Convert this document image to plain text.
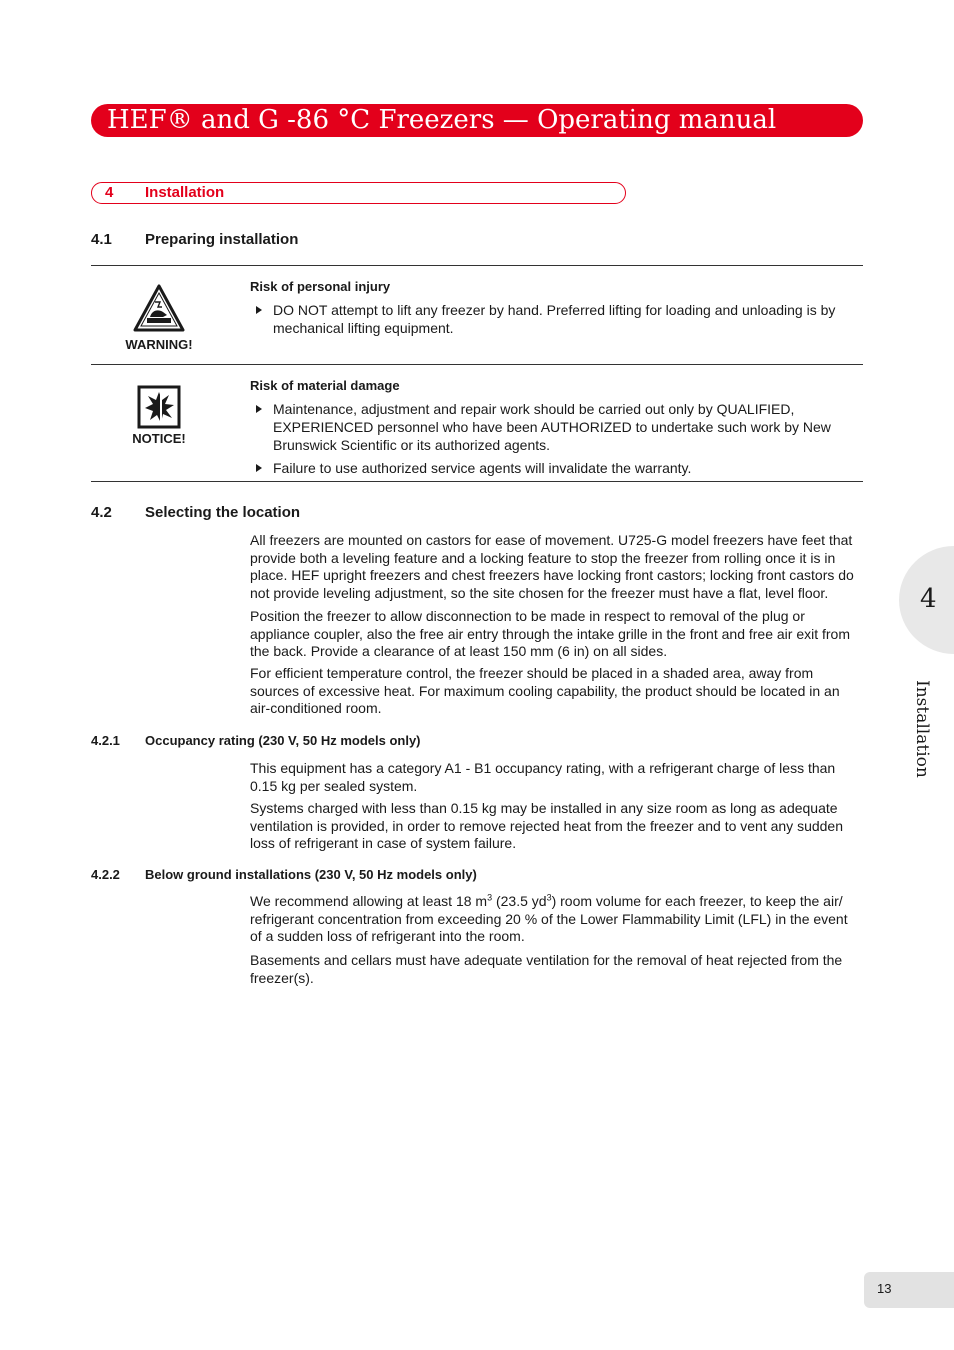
HEF® and G -86 °C Freezers — Operating manual
4 Installation
4.1 Preparing installation
WARNING!
Risk of personal injury
DO NOT attempt to lift any freezer by hand. Preferred lifting for loading and unloading is by mechanical lifting equipment.
NOTICE!
Risk of material damage
Maintenance, adjustment and repair work should be carried out only by QUALIFIED, EXPERIENCED personnel who have been AUTHORIZED to undertake such work by New Brunswick Scientific or its authorized agents.
Failure to use authorized service agents will invalidate the warranty.
4.2 Selecting the location

All freezers are mounted on castors for ease of movement. U725-G model freezers have feet that provide both a leveling feature and a locking feature to stop the freezer from rolling once it is in place. HEF upright freezers and chest freezers have locking front castors; locking front castors do not provide leveling adjustment, so the site chosen for the freezer must have a flat, level floor.

Position the freezer to allow disconnection to be made in respect to removal of the plug or appliance coupler, also the free air entry through the intake grille in the front and free air exit from the back. Provide a clearance of at least 150 mm (6 in) on all sides.

For efficient temperature control, the freezer should be placed in a shaded area, away from sources of excessive heat. For maximum cooling capability, the product should be located in an air-conditioned room.

4.2.1 Occupancy rating (230 V, 50 Hz models only)

This equipment has a category A1 - B1 occupancy rating, with a refrigerant charge of less than 0.15 kg per sealed system.

Systems charged with less than 0.15 kg may be installed in any size room as long as adequate ventilation is provided, in order to remove rejected heat from the freezer and to vent any sudden loss of refrigerant in case of system failure.

4.2.2 Below ground installations (230 V, 50 Hz models only)

We recommend allowing at least 18 $m^3$ (23.5 $yd^3$) room volume for each freezer, to keep the air/ refrigerant concentration from exceeding 20 % of the Lower Flammability Limit (LFL) in the event of a sudden loss of refrigerant into the room.

Basements and cellars must have adequate ventilation for the removal of heat rejected from the freezer(s).

4
Installation
13
